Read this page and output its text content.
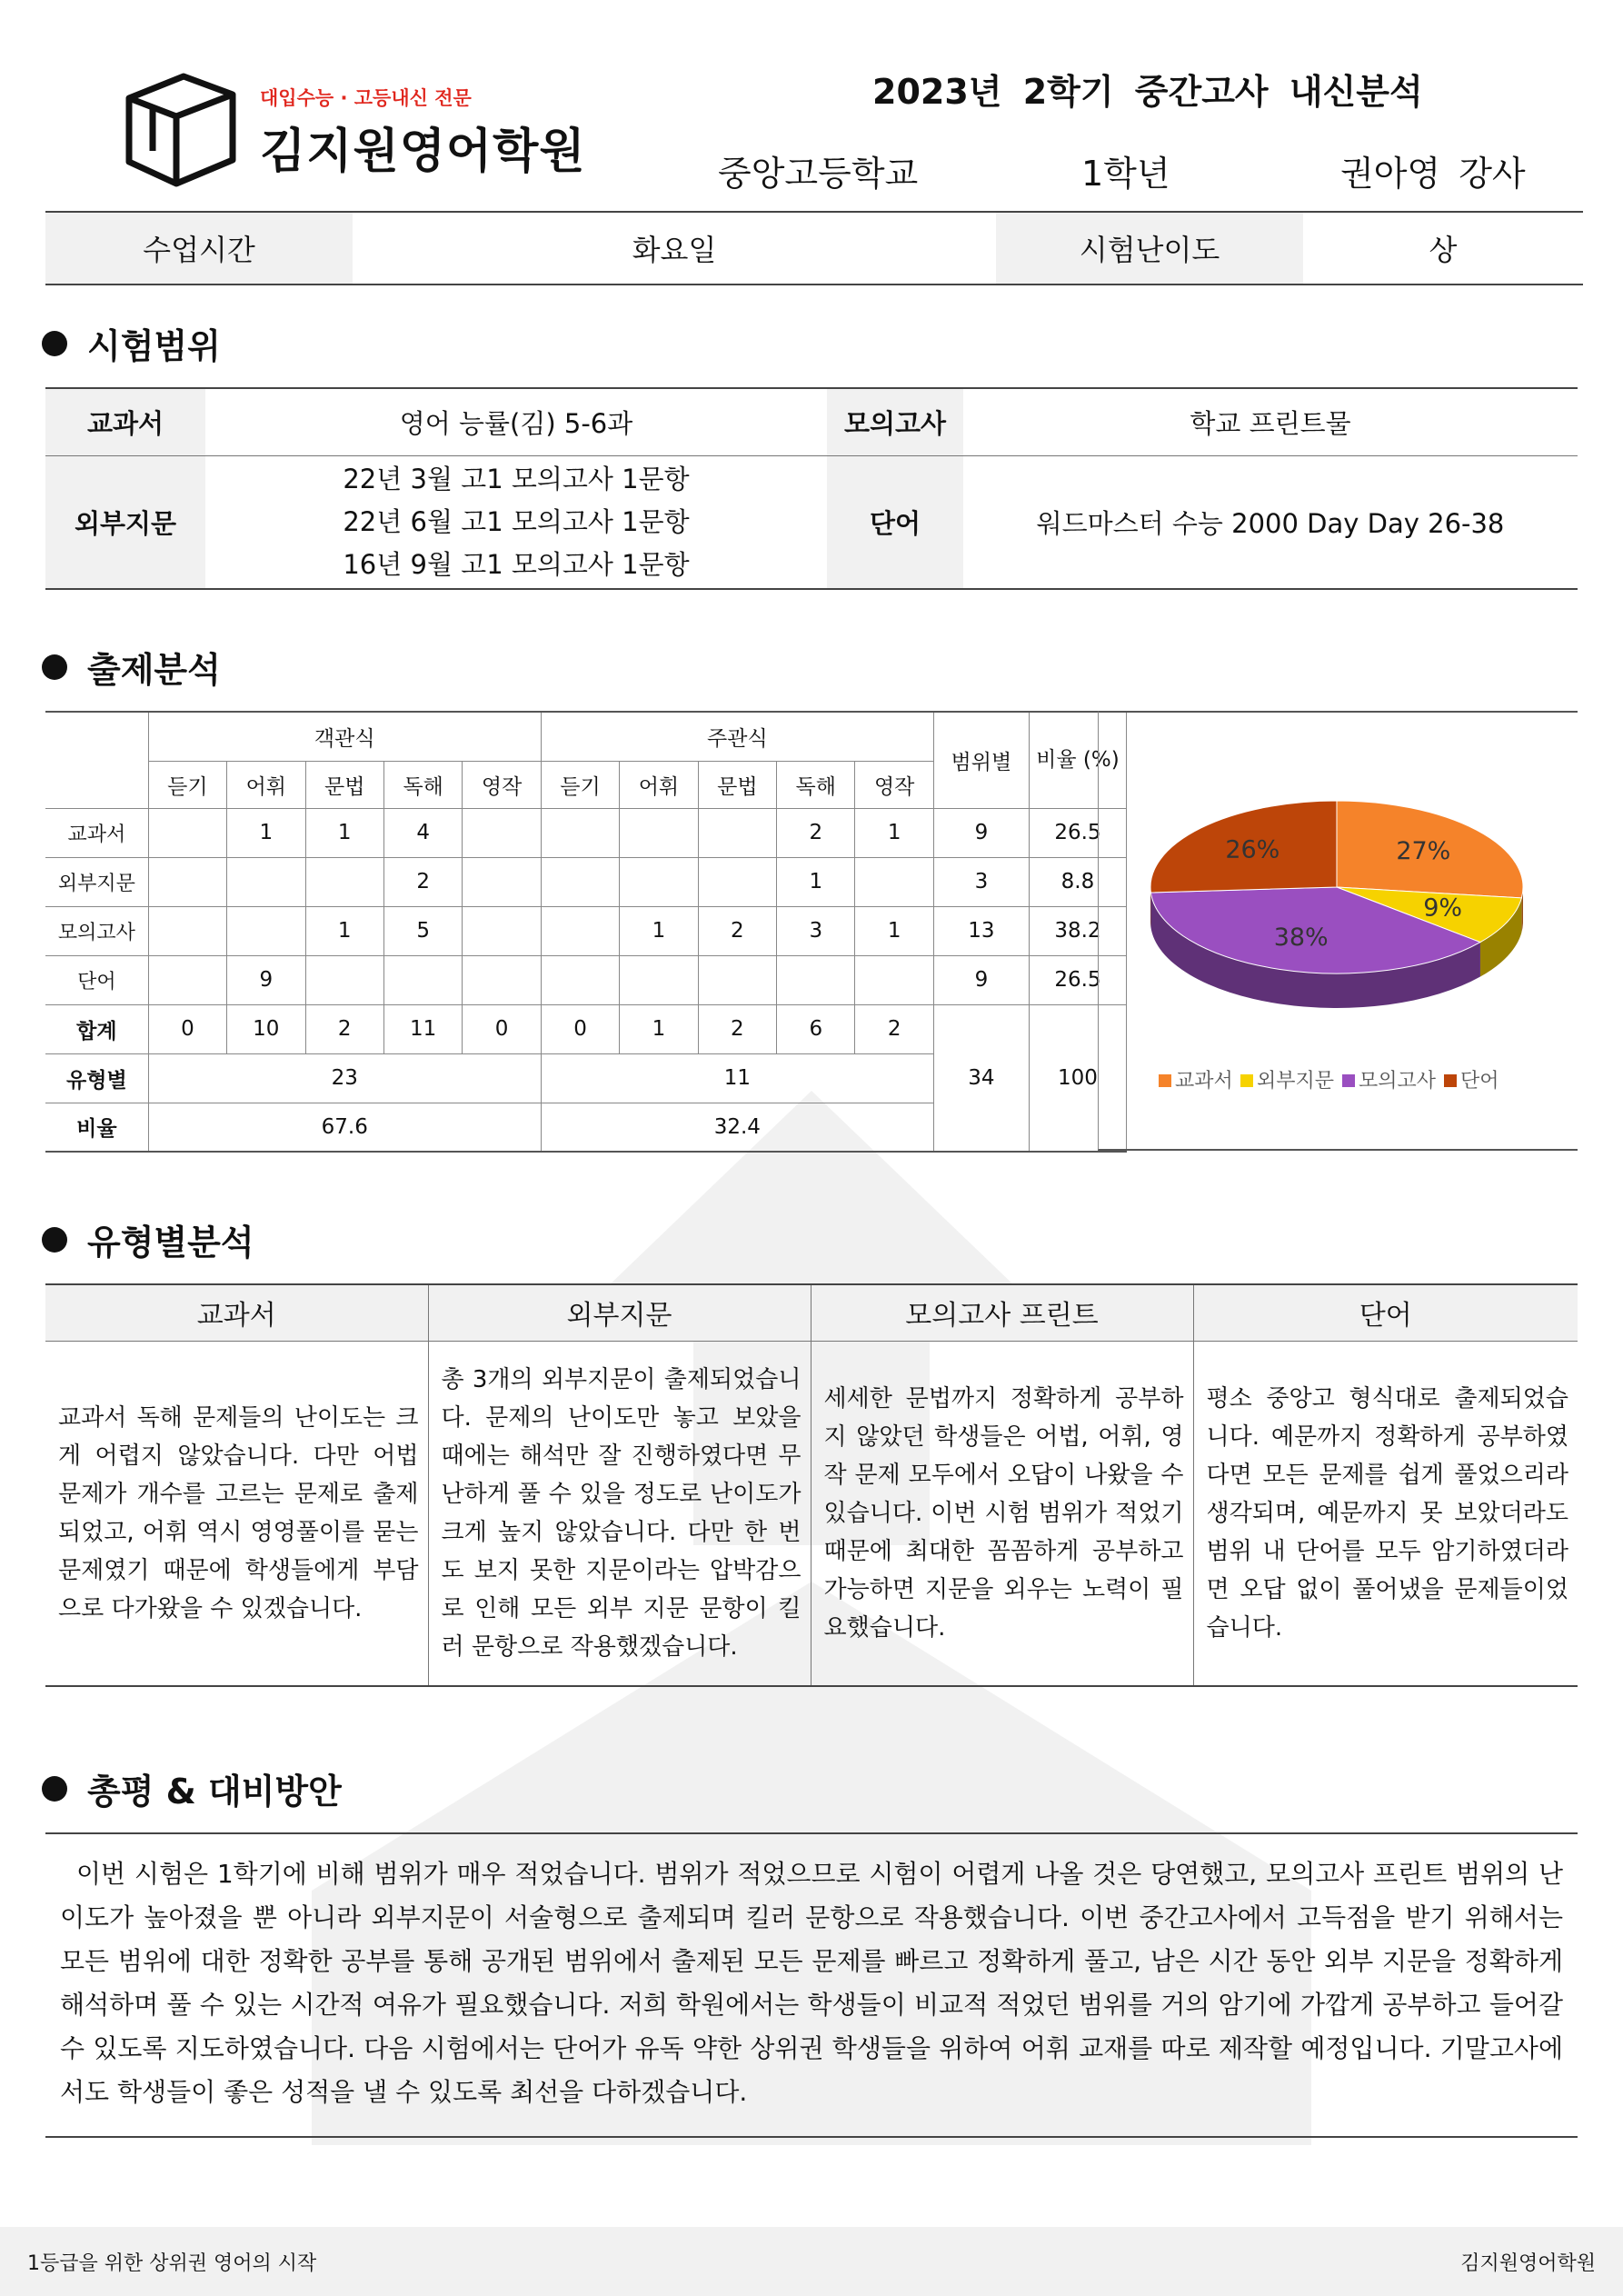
대입수능 · 고등내신 전문
김지원영어학원
2023년 2학기 중간고사 내신분석
중앙고등학교	1학년	권아영 강사
수업시간	화요일	시험난이도	상
시험범위
교과서	영어 능률(김) 5-6과	모의고사	학교 프린트물
외부지문	22년 3월 고1 모의고사 1문항
22년 6월 고1 모의고사 1문항
16년 9월 고1 모의고사 1문항	단어	워드마스터 수능 2000 Day Day 26-38
출제분석
	객관식					주관식					범위별	비율 (%)
	듣기	어휘	문법	독해	영작	듣기	어휘	문법	독해	영작		
교과서		1	1	4					2	1	9	26.5
외부지문				2					1		3	8.8
모의고사			1	5			1	2	3	1	13	38.2
단어		9									9	26.5
합계	0	10	2	11	0	0	1	2	6	2	34	100
유형별	23					11						
비율	67.6					32.4						
27%
9%
38%
26%
교과서 외부지문 모의고사 단어
유형별분석
교과서	외부지문	모의고사 프린트	단어
교과서 독해 문제들의 난이도는 크게 어렵지 않았습니다. 다만 어법 문제가 개수를 고르는 문제로 출제되었고, 어휘 역시 영영풀이를 묻는 문제였기 때문에 학생들에게 부담으로 다가왔을 수 있겠습니다.	총 3개의 외부지문이 출제되었습니다. 문제의 난이도만 놓고 보았을 때에는 해석만 잘 진행하였다면 무난하게 풀 수 있을 정도로 난이도가 크게 높지 않았습니다. 다만 한 번도 보지 못한 지문이라는 압박감으로 인해 모든 외부 지문 문항이 킬러 문항으로 작용했겠습니다.	세세한 문법까지 정확하게 공부하지 않았던 학생들은 어법, 어휘, 영작 문제 모두에서 오답이 나왔을 수 있습니다. 이번 시험 범위가 적었기 때문에 최대한 꼼꼼하게 공부하고 가능하면 지문을 외우는 노력이 필요했습니다.	평소 중앙고 형식대로 출제되었습니다. 예문까지 정확하게 공부하였다면 모든 문제를 쉽게 풀었으리라 생각되며, 예문까지 못 보았더라도 범위 내 단어를 모두 암기하였더라면 오답 없이 풀어냈을 문제들이었습니다.
총평 & 대비방안
이번 시험은 1학기에 비해 범위가 매우 적었습니다. 범위가 적었으므로 시험이 어렵게 나올 것은 당연했고, 모의고사 프린트 범위의 난이도가 높아졌을 뿐 아니라 외부지문이 서술형으로 출제되며 킬러 문항으로 작용했습니다. 이번 중간고사에서 고득점을 받기 위해서는 모든 범위에 대한 정확한 공부를 통해 공개된 범위에서 출제된 모든 문제를 빠르고 정확하게 풀고, 남은 시간 동안 외부 지문을 정확하게 해석하며 풀 수 있는 시간적 여유가 필요했습니다. 저희 학원에서는 학생들이 비교적 적었던 범위를 거의 암기에 가깝게 공부하고 들어갈 수 있도록 지도하였습니다. 다음 시험에서는 단어가 유독 약한 상위권 학생들을 위하여 어휘 교재를 따로 제작할 예정입니다. 기말고사에서도 학생들이 좋은 성적을 낼 수 있도록 최선을 다하겠습니다.
1등급을 위한 상위권 영어의 시작	김지원영어학원
